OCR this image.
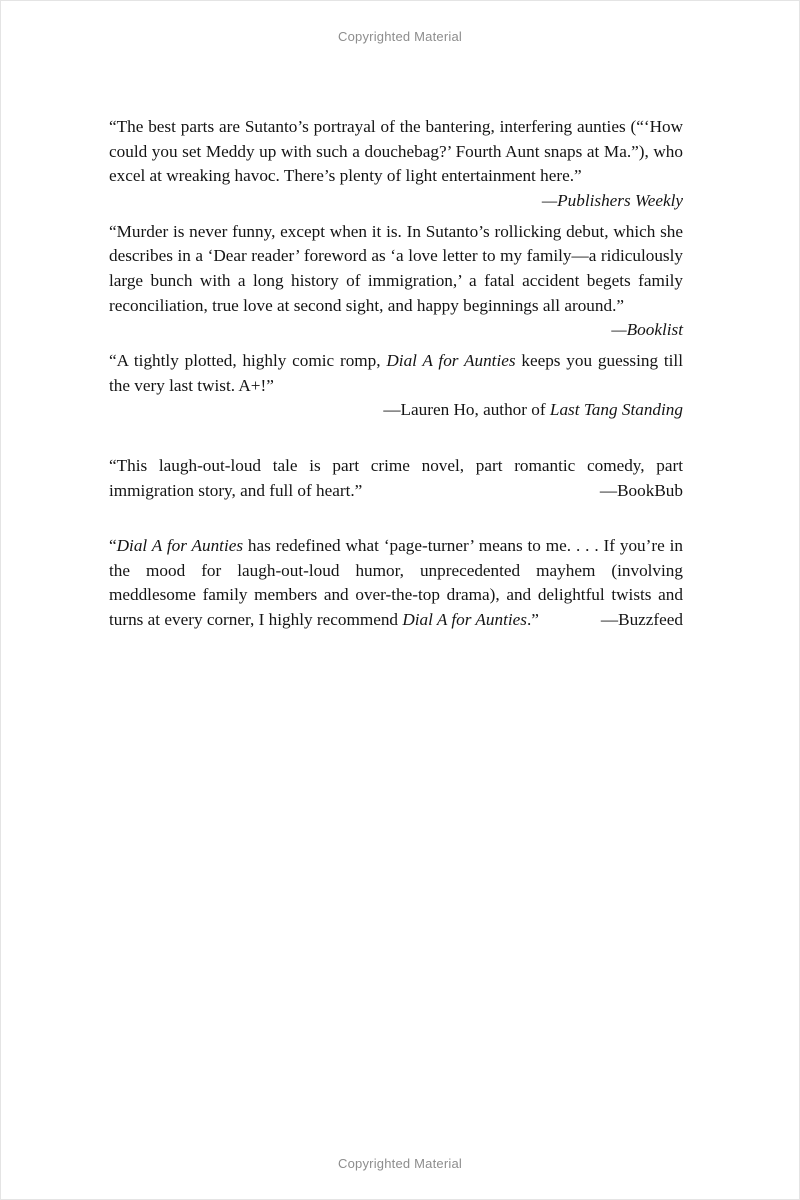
Copyrighted Material

“The best parts are Sutanto’s portrayal of the bantering, interfering aunties (“‘How could you set Meddy up with such a douchebag?’ Fourth Aunt snaps at Ma.”), who excel at wreaking havoc. There’s plenty of light entertainment here.”
—Publishers Weekly

“Murder is never funny, except when it is. In Sutanto’s rollicking debut, which she describes in a ‘Dear reader’ foreword as ‘a love letter to my family—a ridiculously large bunch with a long history of immigration,’ a fatal accident begets family reconciliation, true love at second sight, and happy beginnings all around.”
—Booklist

“A tightly plotted, highly comic romp, Dial A for Aunties keeps you guessing till the very last twist. A+!”

—Lauren Ho, author of Last Tang Standing

“This laugh-out-loud tale is part crime novel, part romantic comedy, part immigration story, and full of heart.”	—BookBub

“Dial A for Aunties has redefined what ‘page-turner’ means to me. . . . If you’re in the mood for laugh-out-loud humor, unprecedented mayhem (involving meddlesome family members and over-the-top drama), and delightful twists and turns at every corner, I highly recommend Dial A for Aunties.”	—Buzzfeed

Copyrighted Material
